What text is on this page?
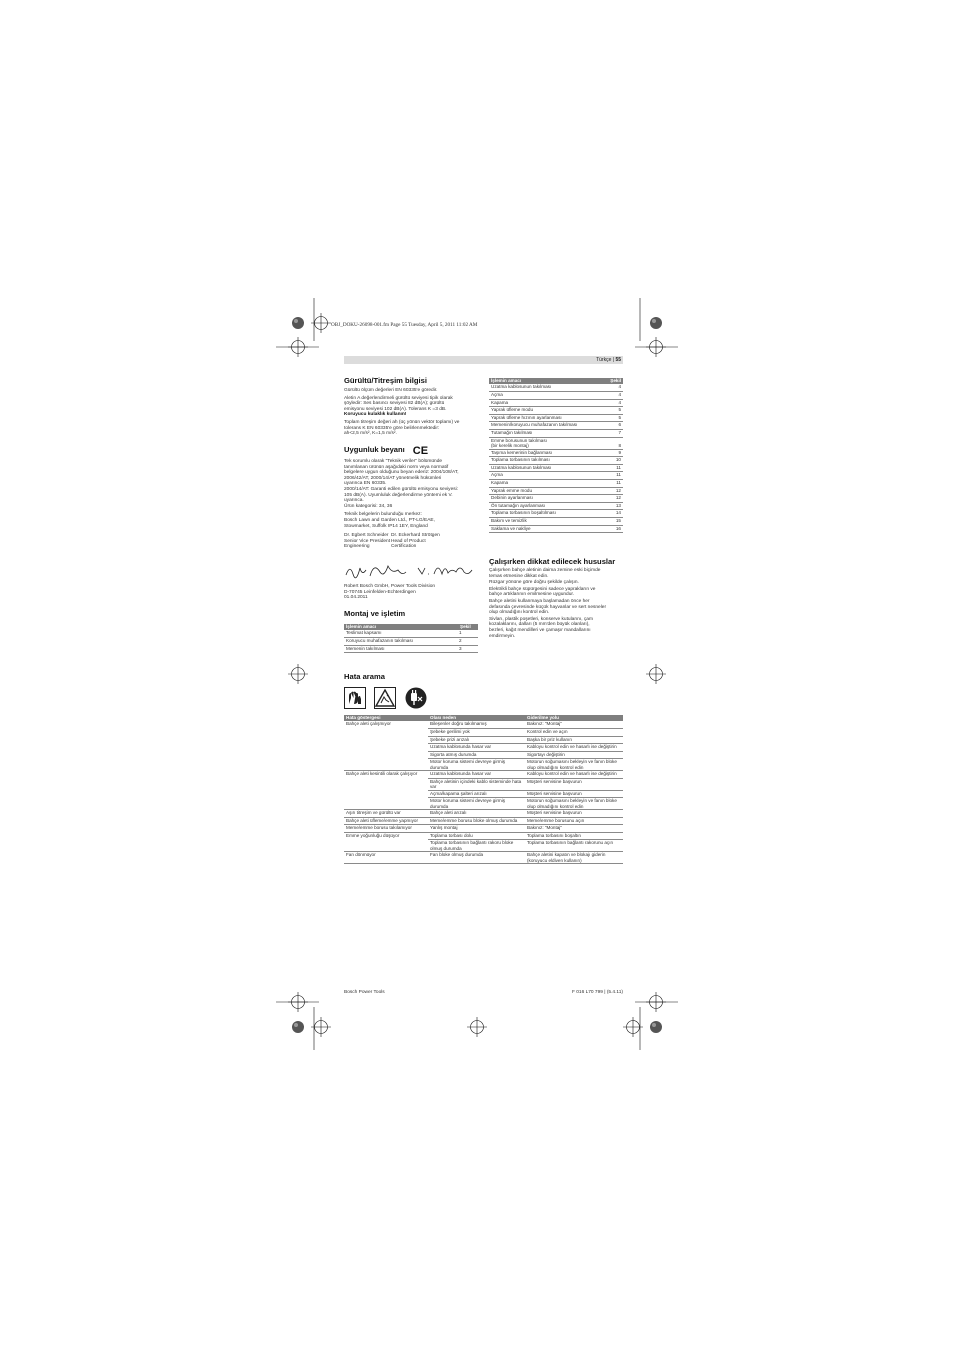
OBJ_DOKU-26098-001.fm Page 55 Tuesday, April 5, 2011 11:02 AM
Türkçe | 55
Gürültü/Titreşim bilgisi
Gürültü ölçüm değerleri EN 60335'e göredir.
Aletin A değerlendirmeli gürültü seviyesi tipik olarak
şöyledir: Ses basıncı seviyesi 82 dB(A); gürültü
emisyonu seviyesi 102 dB(A). Tolerans K =3 dB.
Koruyucu kulaklık kullanın!
Toplam titreşim değeri ah (üç yönün vektör toplamı) ve
tolerans K EN 60335'e göre belirlenmektedir:
ah<2,5 m/s², K=1,5 m/s².
Uygunluk beyanı CE
Tek sorumlu olarak "Teknik veriler" bölümünde
tanımlanan ürünün aşağıdaki norm veya normatif
belgelere uygun olduğunu beyan ederiz: 2004/108/AT,
2006/42/AT, 2000/14/AT yönetmelik hükümleri
uyarınca EN 60335.
2000/14/AT: Garanti edilen gürültü emisyonu seviyesi:
105 dB(A). Uyumluluk değerlendirme yöntemi ek V.
uyarınca.
Ürün kategorisi: 34, 36
Teknik belgelerin bulunduğu merkez:
Bosch Lawn and Garden Ltd., PT-LG/EAE,
Stowmarket, Suffolk IP14 1EY, England
Dr. Egbert Schneider
Senior Vice President
Engineering
Dr. Eckerhard Strötgen
Head of Product
Certification
Robert Bosch GmbH, Power Tools Division
D-70745 Leinfelden-Echterdingen
01.04.2011
Montaj ve işletim
İşlemin amacı	Şekil
Teslimat kapsamı	1
Koruyucu muhafazanın takılması	2
Memenin takılması	3
İşlemin amacı	Şekil
Uzatma kablosunun takılması	4
Açma	4
Kapama	4
Yaprak üfleme modu	5
Yaprak üfleme hızının ayarlanması	5
Memenin/koruyucu muhafazanın takılması	6
Tutamağın takılması	7

Emme borusunun takılması
(bir kerelik montaj)	8
Taşıma kemerinin bağlanması	9
Toplama torbasının takılması	10
Uzatma kablosunun takılması	11
Açma	11
Kapama	11
Yaprak emme modu	12
Debinin ayarlanması	12
Ön tutamağın ayarlanması	13
Toplama torbasının boşaltılması	14
Bakım ve temizlik	15
Saklama ve nakliye	16
Çalışırken dikkat edilecek hususlar
Çalışırken bahçe aletinin daima zemine eski biçimde
temas etmesine dikkat edin.
Rüzgar yönüne göre doğru şekilde çalışın.
Elektrikli bahçe süpürgesini sadece yaprakların ve
bahçe artıklarının emilmesine uygundur.
Bahçe aletini kullanmaya başlamadan önce her
defasında çevresinde küçük hayvanlar ve sert nesneler
olup olmadığını kontrol edin.
Sivları, plastik poşetleri, konserve kutularını, çam
kozalaklarını, dalları (5 mm'den büyük olanları),
bezleri, kağıt mendilleri ve çamaşır mandallarını
emdirmeyin.
Hata arama

Hata göstergesi	Olası neden	Giderilme yolu
Bahçe aleti çalışmıyor	Bileşenler doğru takılmamış	Bakınız: "Montaj"
	Şebeke gerilimi yok	Kontrol edin ve açın
	Şebeke prizi arızalı	Başka bir priz kullanın
	Uzatma kablosunda hasar var	Kabloyu kontrol edin ve hasarlı ise değiştirin
	Sigorta atmış durumda	Sigortayı değiştirin
	Motor koruma sistemi devreye girmiş durumda	Motorun soğumasını bekleyin ve fanın bloke olup olmadığını kontrol edin
Bahçe aleti kesintili olarak çalışıyor	Uzatma kablosunda hasar var	Kabloyu kontrol edin ve hasarlı ise değiştirin
	Bahçe aletinin içindeki kablo sisteminde hata var	Müşteri servisine başvurun
	Açma/kapama şalteri arızalı	Müşteri servisine başvurun
	Motor koruma sistemi devreye girmiş durumda	Motorun soğumasını bekleyin ve fanın bloke olup olmadığını kontrol edin
Aşırı titreşim ve gürültü var	Bahçe aleti arızalı	Müşteri servisine başvurun
Bahçe aleti üfleme/emme yapmıyor	Meme/emme borusu bloke olmuş durumda	Meme/emme borusunu açın
Meme/emme borusu takılamıyor	Yanlış montaj	Bakınız: "Montaj"
Emme yoğunluğu düşüyor	Toplama torbası dolu	Toplama torbasını boşaltın
	Toplama torbasının bağlantı rakoru bloke olmuş durumda	Toplama torbasının bağlantı rakorunu açın
Fan dönmüyor	Fan bloke olmuş durumda	Bahçe aletini kapatın ve blokajı giderin (koruyucu eldiven kullanın)
Bosch Power Tools	F 016 L70 799 | (5.4.11)
